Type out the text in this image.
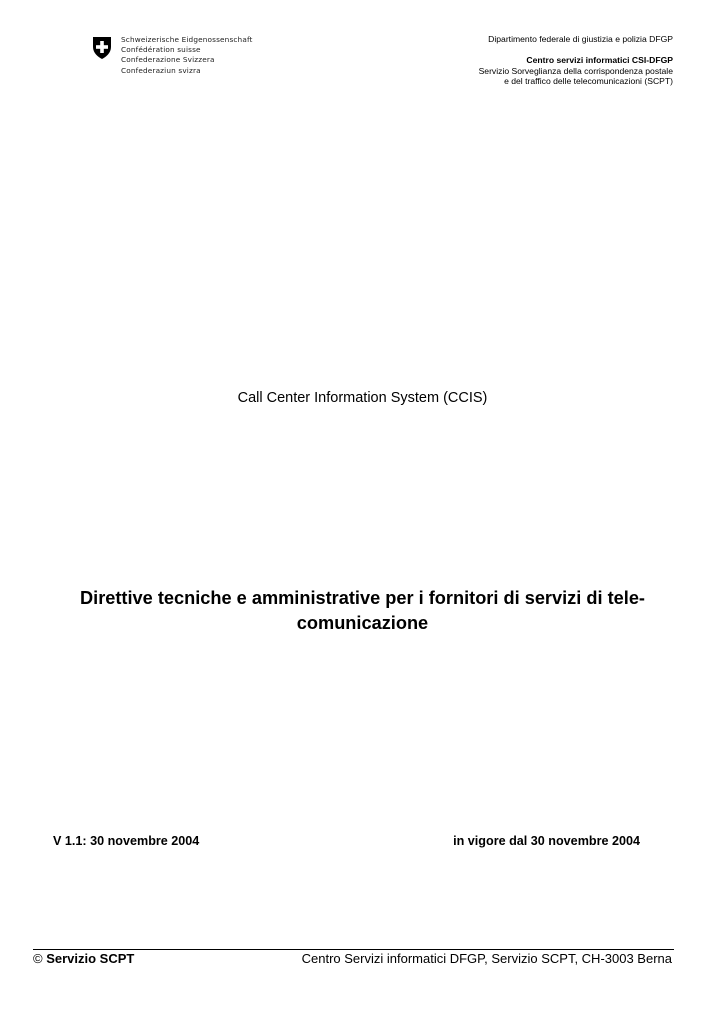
Schweizerische Eidgenossenschaft
Confédération suisse
Confederazione Svizzera
Confederaziun svizra
Dipartimento federale di giustizia e polizia DFGP
Centro servizi informatici CSI-DFGP
Servizio Sorveglianza della corrispondenza postale
e del traffico delle telecomunicazioni (SCPT)
Call Center Information System (CCIS)
Direttive tecniche e amministrative per i fornitori di servizi di tele-
comunicazione
V 1.1: 30 novembre 2004	in vigore dal 30 novembre 2004
© Servizio SCPT	Centro Servizi informatici DFGP, Servizio SCPT, CH-3003 Berna
